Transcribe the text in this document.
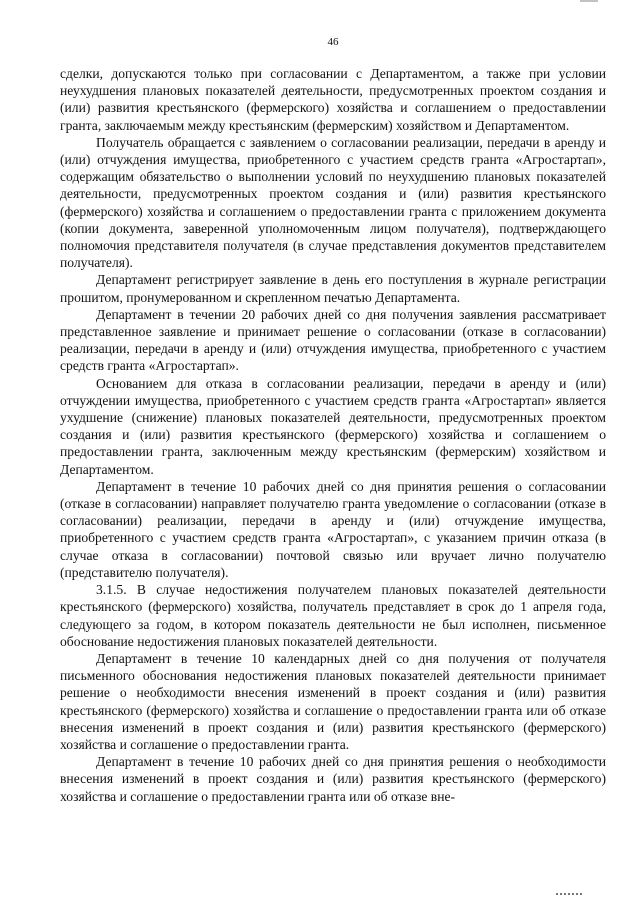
46

сделки, допускаются только при согласовании с Департаментом, а также при условии неухудшения плановых показателей деятельности, предусмотренных проектом создания и (или) развития крестьянского (фермерского) хозяйства и соглашением о предоставлении гранта, заключаемым между крестьянским (фермерским) хозяйством и Департаментом.

Получатель обращается с заявлением о согласовании реализации, передачи в аренду и (или) отчуждения имущества, приобретенного с участием средств гранта «Агростартап», содержащим обязательство о выполнении условий по неухудшению плановых показателей деятельности, предусмотренных проектом создания и (или) развития крестьянского (фермерского) хозяйства и соглашением о предоставлении гранта с приложением документа (копии документа, заверенной уполномоченным лицом получателя), подтверждающего полномочия представителя получателя (в случае представления документов представителем получателя).

Департамент регистрирует заявление в день его поступления в журнале регистрации прошитом, пронумерованном и скрепленном печатью Департамента.

Департамент в течении 20 рабочих дней со дня получения заявления рассматривает представленное заявление и принимает решение о согласовании (отказе в согласовании) реализации, передачи в аренду и (или) отчуждения имущества, приобретенного с участием средств гранта «Агростартап».

Основанием для отказа в согласовании реализации, передачи в аренду и (или) отчуждении имущества, приобретенного с участием средств гранта «Агростартап» является ухудшение (снижение) плановых показателей деятельности, предусмотренных проектом создания и (или) развития крестьянского (фермерского) хозяйства и соглашением о предоставлении гранта, заключенным между крестьянским (фермерским) хозяйством и Департаментом.

Департамент в течение 10 рабочих дней со дня принятия решения о согласовании (отказе в согласовании) направляет получателю гранта уведомление о согласовании (отказе в согласовании) реализации, передачи в аренду и (или) отчуждение имущества, приобретенного с участием средств гранта «Агростартап», с указанием причин отказа (в случае отказа в согласовании) почтовой связью или вручает лично получателю (представителю получателя).

3.1.5. В случае недостижения получателем плановых показателей деятельности крестьянского (фермерского) хозяйства, получатель представляет в срок до 1 апреля года, следующего за годом, в котором показатель деятельности не был исполнен, письменное обоснование недостижения плановых показателей деятельности.

Департамент в течение 10 календарных дней со дня получения от получателя письменного обоснования недостижения плановых показателей деятельности принимает решение о необходимости внесения изменений в проект создания и (или) развития крестьянского (фермерского) хозяйства и соглашение о предоставлении гранта или об отказе внесения изменений в проект создания и (или) развития крестьянского (фермерского) хозяйства и соглашение о предоставлении гранта.

Департамент в течение 10 рабочих дней со дня принятия решения о необходимости внесения изменений в проект создания и (или) развития крестьянского (фермерского) хозяйства и соглашение о предоставлении гранта или об отказе вне-
